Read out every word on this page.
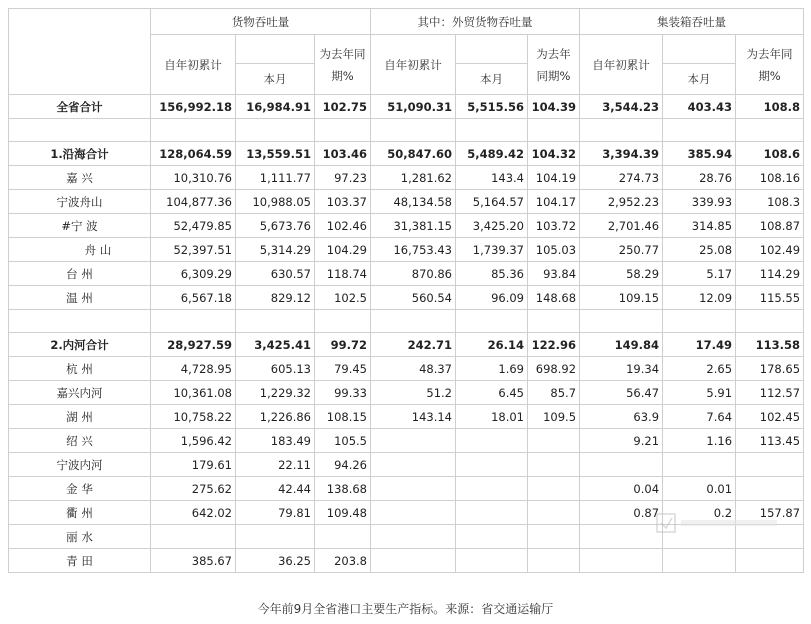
	货物吞吐量			其中：外贸货物吞吐量			集装箱吞吐量		
	自年初累计		为去年同期%	自年初累计		为去年同期%	自年初累计		为去年同期%
		本月			本月			本月	
全省合计	156,992.18	16,984.91	102.75	51,090.31	5,515.56	104.39	3,544.23	403.43	108.8

1.沿海合计	128,064.59	13,559.51	103.46	50,847.60	5,489.42	104.32	3,394.39	385.94	108.6
嘉 兴	10,310.76	1,111.77	97.23	1,281.62	143.4	104.19	274.73	28.76	108.16
宁波舟山	104,877.36	10,988.05	103.37	48,134.58	5,164.57	104.17	2,952.23	339.93	108.3
#宁 波	52,479.85	5,673.76	102.46	31,381.15	3,425.20	103.72	2,701.46	314.85	108.87
舟 山	52,397.51	5,314.29	104.29	16,753.43	1,739.37	105.03	250.77	25.08	102.49
台 州	6,309.29	630.57	118.74	870.86	85.36	93.84	58.29	5.17	114.29
温 州	6,567.18	829.12	102.5	560.54	96.09	148.68	109.15	12.09	115.55

2.内河合计	28,927.59	3,425.41	99.72	242.71	26.14	122.96	149.84	17.49	113.58
杭 州	4,728.95	605.13	79.45	48.37	1.69	698.92	19.34	2.65	178.65
嘉兴内河	10,361.08	1,229.32	99.33	51.2	6.45	85.7	56.47	5.91	112.57
湖 州	10,758.22	1,226.86	108.15	143.14	18.01	109.5	63.9	7.64	102.45
绍 兴	1,596.42	183.49	105.5				9.21	1.16	113.45
宁波内河	179.61	22.11	94.26						
金 华	275.62	42.44	138.68				0.04	0.01	
衢 州	642.02	79.81	109.48				0.87	0.2	157.87
丽 水									
青 田	385.67	36.25	203.8						
今年前9月全省港口主要生产指标。来源：省交通运输厅
